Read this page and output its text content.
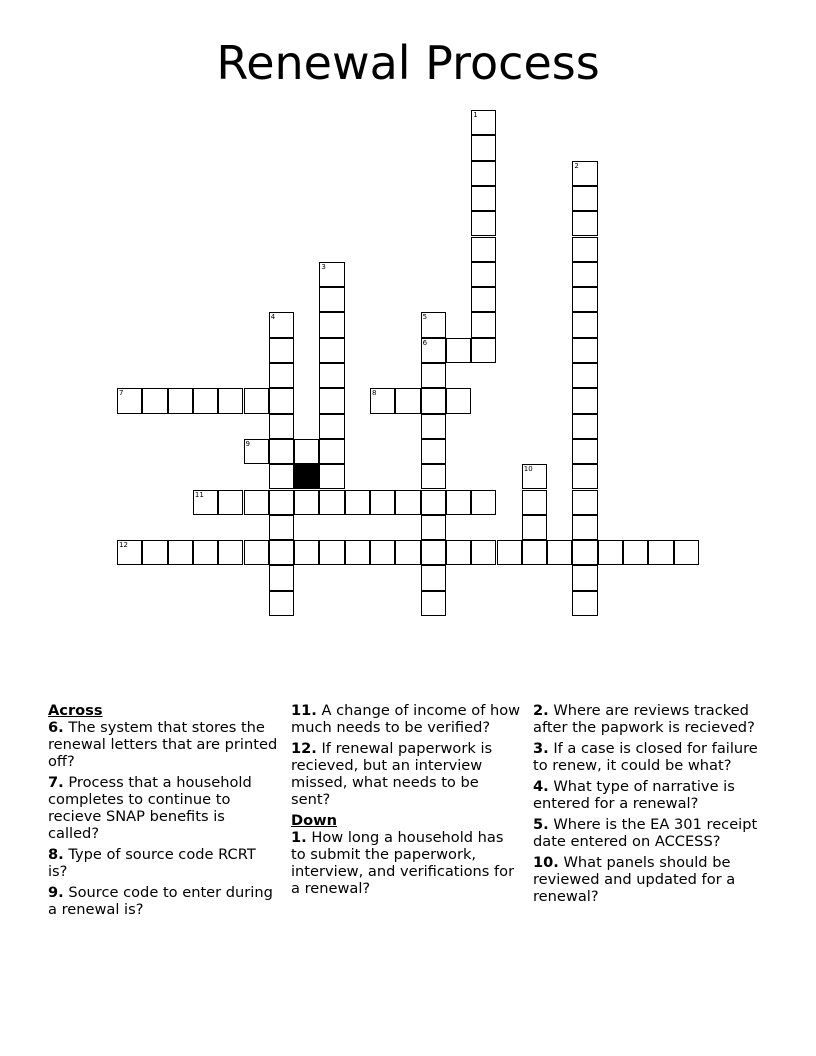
Renewal Process
1
2
3
4	5
6
7	8
9
10
11
12
Across
6. The system that stores the renewal letters that are printed off?
7. Process that a household completes to continue to recieve SNAP benefits is called?
8. Type of source code RCRT is?
9. Source code to enter during a renewal is?
11. A change of income of how much needs to be verified?
12. If renewal paperwork is recieved, but an interview missed, what needs to be sent?
Down
1. How long a household has to submit the paperwork, interview, and verifications for a renewal?
2. Where are reviews tracked after the papwork is recieved?
3. If a case is closed for failure to renew, it could be what?
4. What type of narrative is entered for a renewal?
5. Where is the EA 301 receipt date entered on ACCESS?
10. What panels should be reviewed and updated for a renewal?
